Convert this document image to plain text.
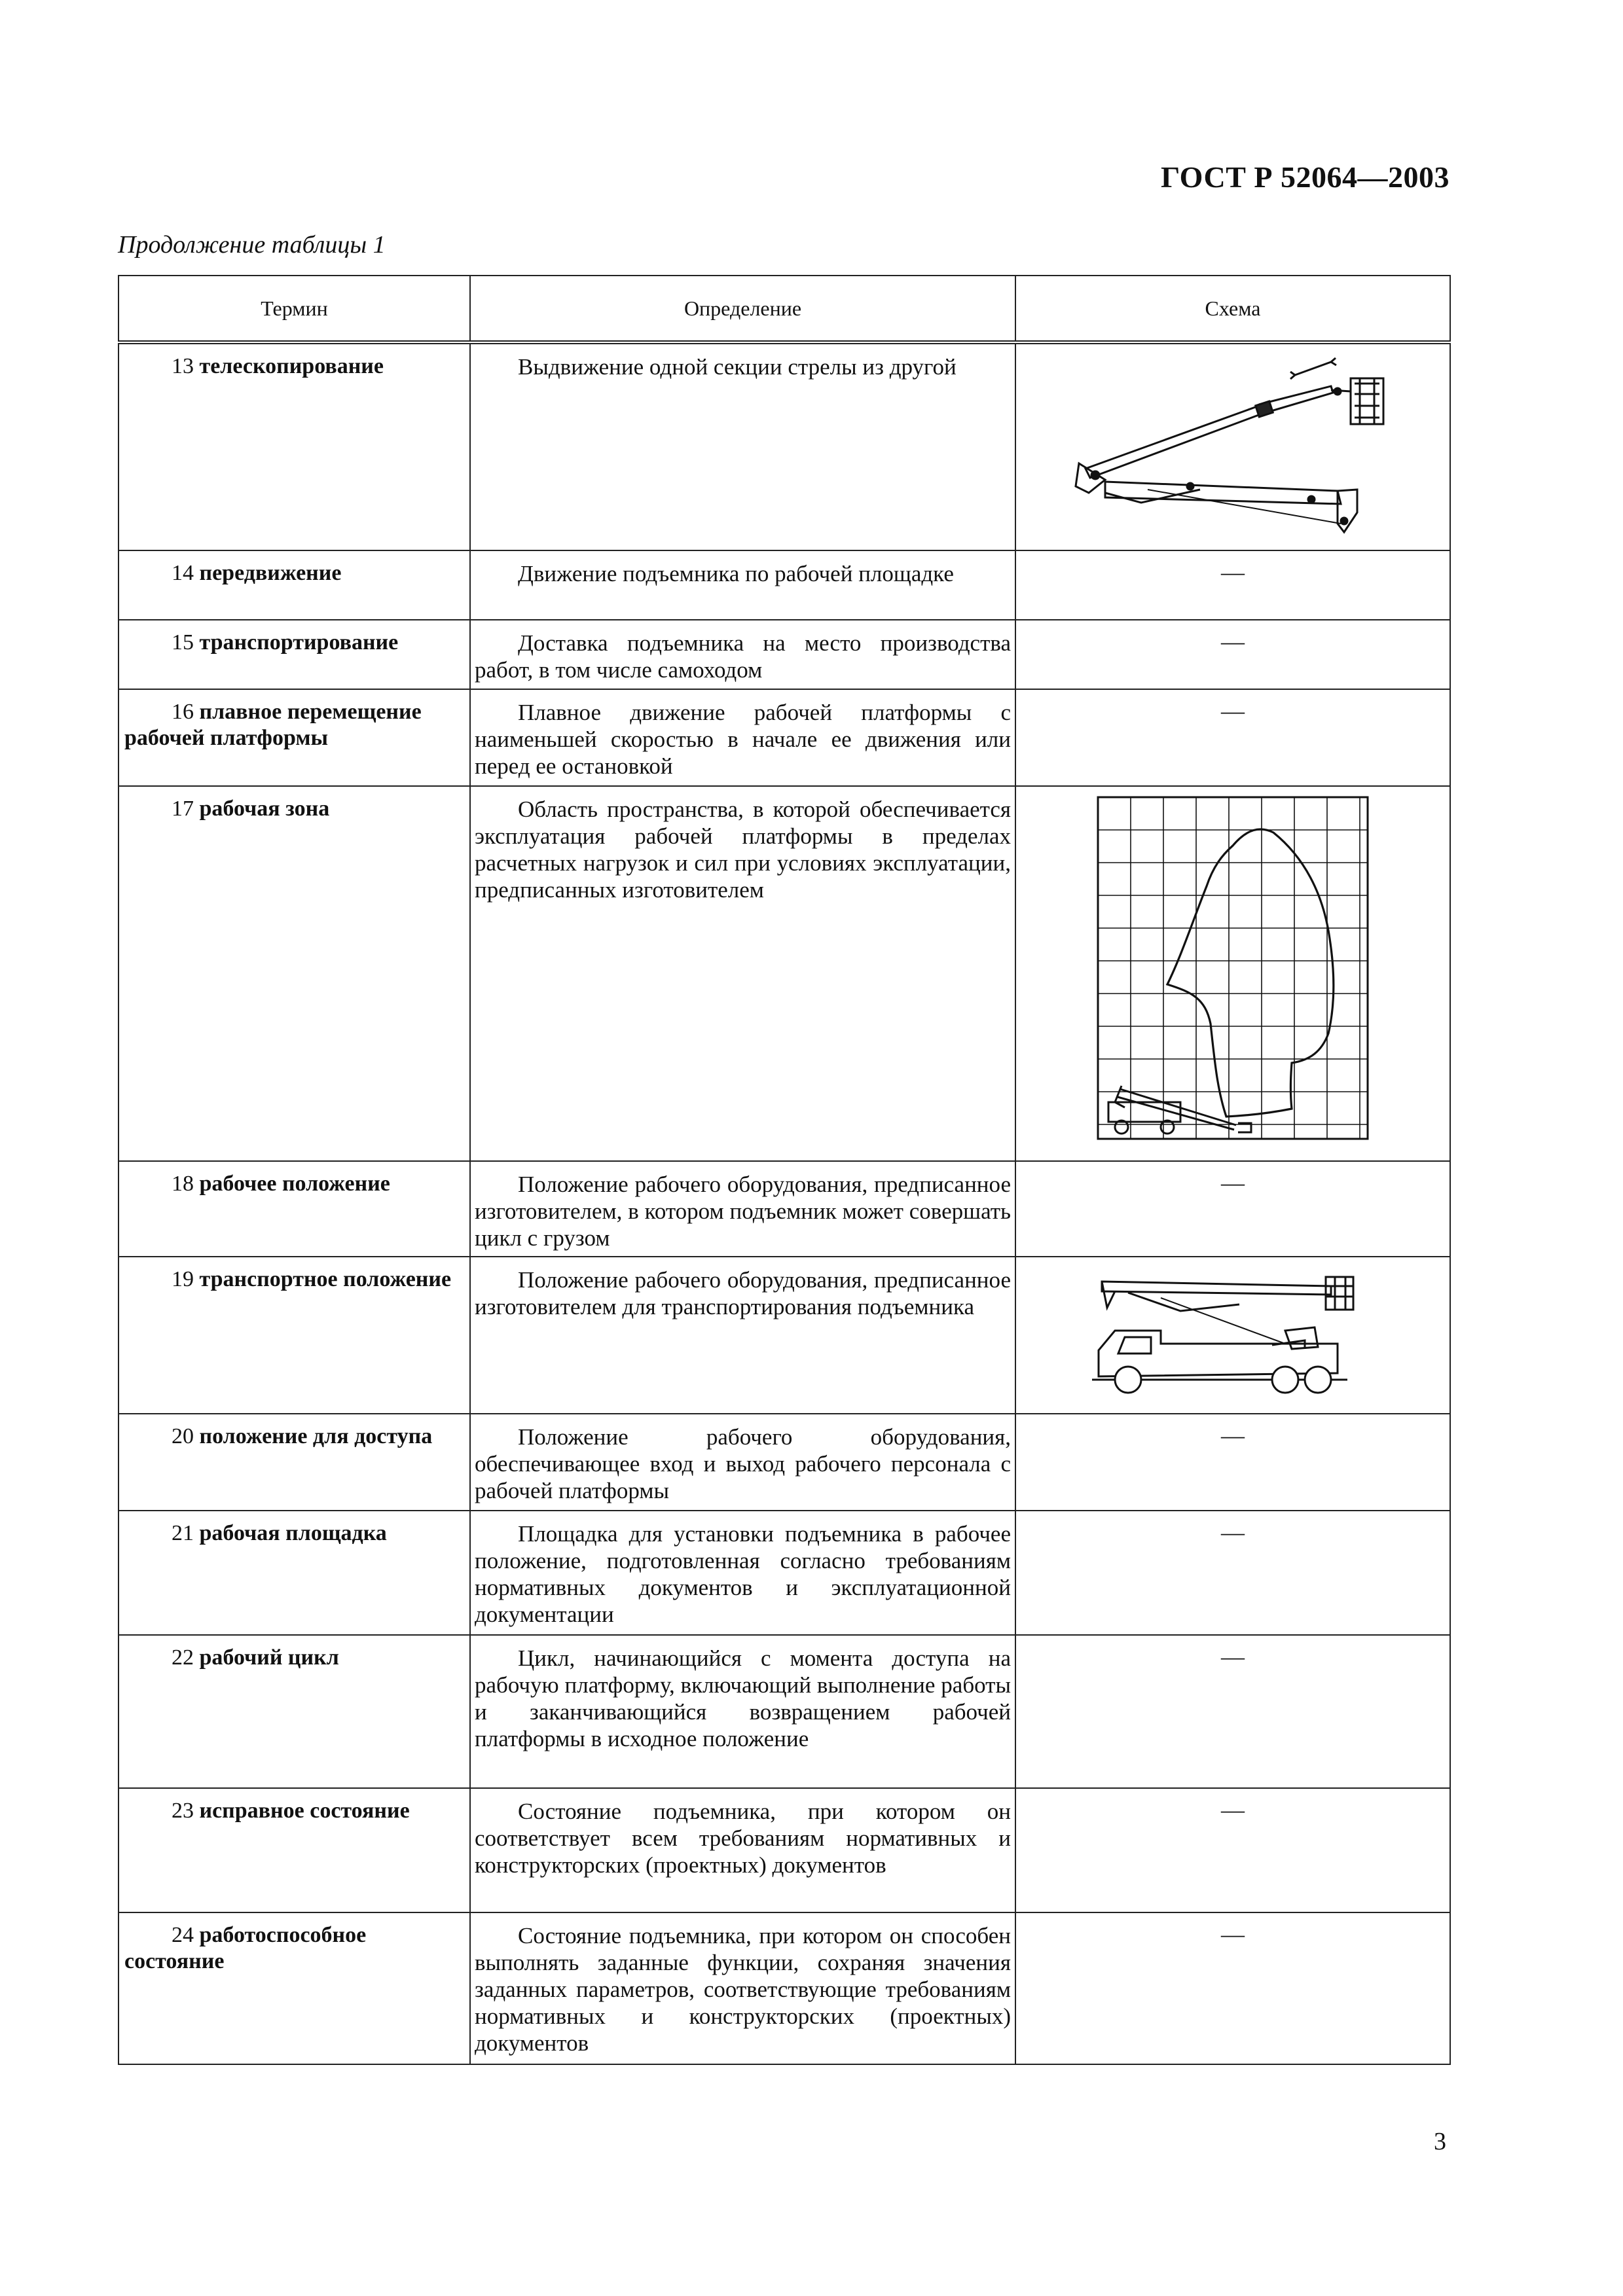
ГОСТ Р 52064—2003
Продолжение таблицы 1
Термин	Определение	Схема
13 телескопирование	Выдвижение одной секции стрелы из другой	

14 передвижение	Движение подъемника по рабочей площадке	—

15 транспортирование	Доставка подъемника на место производства работ, в том числе самоходом	—

16 плавное перемещение рабочей платформы	Плавное движение рабочей платформы с наименьшей скоростью в начале ее движения или перед ее остановкой	—

17 рабочая зона	Область пространства, в которой обеспечивается эксплуатация рабочей платформы в пределах расчетных нагрузок и сил при условиях эксплуатации, предписанных изготовителем	

18 рабочее положение	Положение рабочего оборудования, предписанное изготовителем, в котором подъемник может совершать цикл с грузом	—

19 транспортное положение	Положение рабочего оборудования, предписанное изготовителем для транспортирования подъемника	

20 положение для доступа	Положение рабочего оборудования, обеспечивающее вход и выход рабочего персонала с рабочей платформы	—

21 рабочая площадка	Площадка для установки подъемника в рабочее положение, подготовленная согласно требованиям нормативных документов и эксплуатационной документации	—

22 рабочий цикл	Цикл, начинающийся с момента доступа на рабочую платформу, включающий выполнение работы и заканчивающийся возвращением рабочей платформы в исходное положение	—

23 исправное состояние	Состояние подъемника, при котором он соответствует всем требованиям нормативных и конструкторских (проектных) документов	—

24 работоспособное состояние	Состояние подъемника, при котором он способен выполнять заданные функции, сохраняя значения заданных параметров, соответствующие требованиям нормативных и конструкторских (проектных) документов	—
3
